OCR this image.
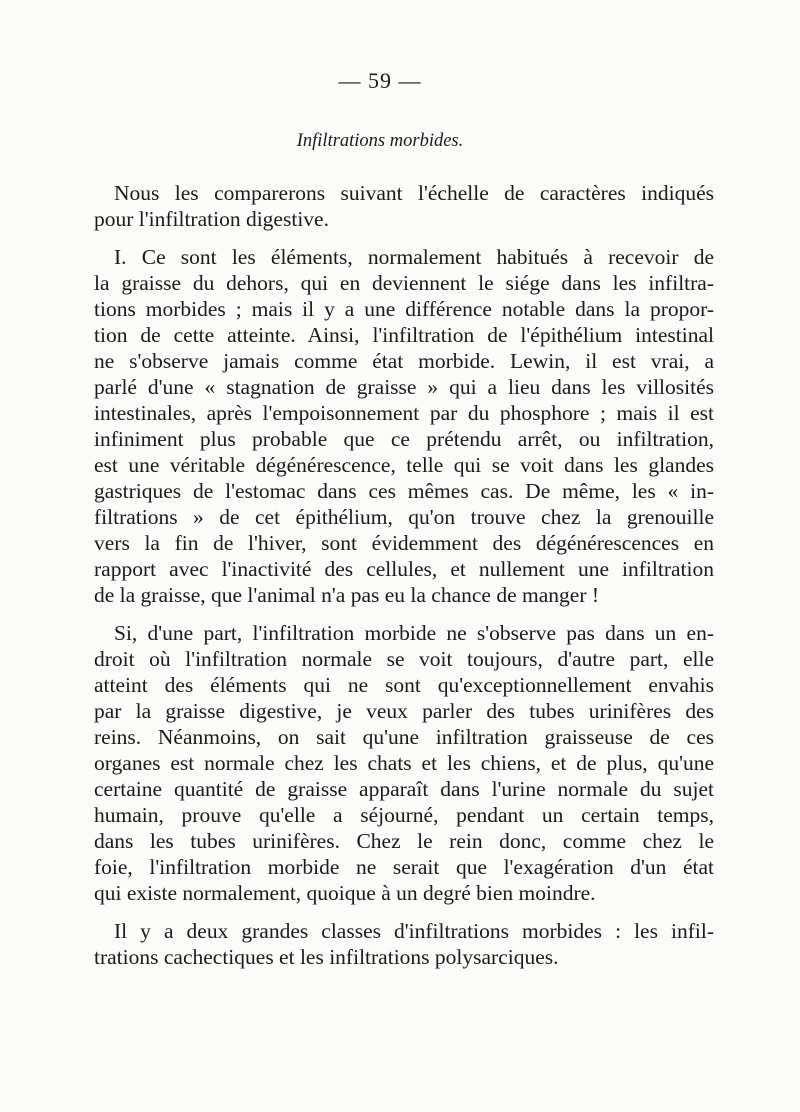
— 59 —
Infiltrations morbides.
Nous les comparerons suivant l'échelle de caractères indiqués
pour l'infiltration digestive.
I. Ce sont les éléments, normalement habitués à recevoir de
la graisse du dehors, qui en deviennent le siége dans les infiltra-
tions morbides ; mais il y a une différence notable dans la propor-
tion de cette atteinte. Ainsi, l'infiltration de l'épithélium intestinal
ne s'observe jamais comme état morbide. Lewin, il est vrai, a
parlé d'une « stagnation de graisse » qui a lieu dans les villosités
intestinales, après l'empoisonnement par du phosphore ; mais il est
infiniment plus probable que ce prétendu arrêt, ou infiltration,
est une véritable dégénérescence, telle qui se voit dans les glandes
gastriques de l'estomac dans ces mêmes cas. De même, les « in-
filtrations » de cet épithélium, qu'on trouve chez la grenouille
vers la fin de l'hiver, sont évidemment des dégénérescences en
rapport avec l'inactivité des cellules, et nullement une infiltration
de la graisse, que l'animal n'a pas eu la chance de manger !
Si, d'une part, l'infiltration morbide ne s'observe pas dans un en-
droit où l'infiltration normale se voit toujours, d'autre part, elle
atteint des éléments qui ne sont qu'exceptionnellement envahis
par la graisse digestive, je veux parler des tubes urinifères des
reins. Néanmoins, on sait qu'une infiltration graisseuse de ces
organes est normale chez les chats et les chiens, et de plus, qu'une
certaine quantité de graisse apparaît dans l'urine normale du sujet
humain, prouve qu'elle a séjourné, pendant un certain temps,
dans les tubes urinifères. Chez le rein donc, comme chez le
foie, l'infiltration morbide ne serait que l'exagération d'un état
qui existe normalement, quoique à un degré bien moindre.
Il y a deux grandes classes d'infiltrations morbides : les infil-
trations cachectiques et les infiltrations polysarciques.
